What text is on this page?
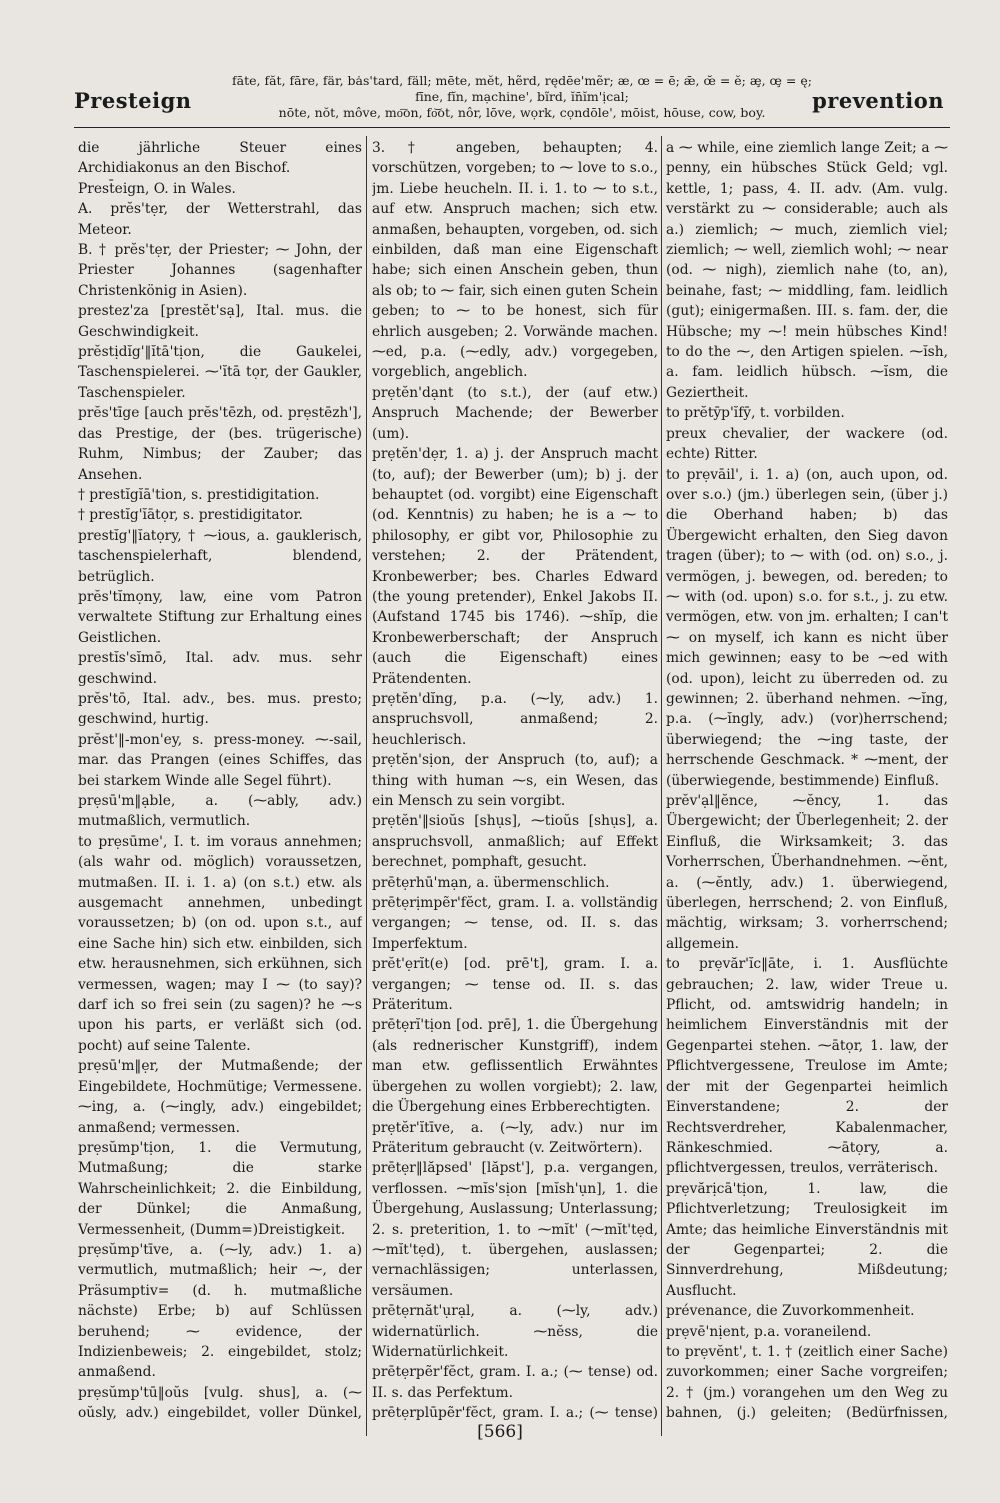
Presteign
fāte, făt, fāre, fär, bȧs'tard, fäll; mēte, mĕt, hẽrd, rędēe'mẽr; æ, œ = ē; ǣ, œ̆ = ĕ; æ̧, œ̧ = ę;
fīne, fĭn, mạchine', bĩrd, ĭn̄ĭm'ịcal;
nōte, nŏt, môve, mo͞on, fo͝ot, nôr, lōve, wọrk, cọndōle', mōist, hōuse, cow, boy.	prevention

die jährliche Steuer eines Archidiakonus an den Bischof.

Prest̄eign, O. in Wales.

A. prĕs'tẹr, der Wetterstrahl, das Meteor.

B. † prĕs'tẹr, der Priester; ⁓ John, der Priester Johannes (sagenhafter Christenkönig in Asien).

prestez'za [prestĕt'sạ], Ital. mus. die Geschwindigkeit.

prĕstịdĭg'‖ĭtā'tịon, die Gaukelei, Taschenspielerei. ⁓'ĭtā tọr, der Gaukler, Taschenspieler.

prĕs'tīge [auch prĕs'tēzh, od. prẹstēzh'], das Prestige, der (bes. trügerische) Ruhm, Nimbus; der Zauber; das Ansehen.

† prestĭgĭā'tion, s. prestidigitation.

† prestĭg'ĭātọr, s. prestidigitator.

prestĭg'‖ĭatọry, † ⁓ious, a. gauklerisch, taschenspielerhaft, blendend, betrüglich.

prĕs'tĭmọny, law, eine vom Patron verwaltete Stiftung zur Erhaltung eines Geistlichen.

prestĭs'sĭmō, Ital. adv. mus. sehr geschwind.

prĕs'tō, Ital. adv., bes. mus. presto; geschwind, hurtig.

prĕst'‖-mon'ey, s. press-money. ⁓-sail, mar. das Prangen (eines Schiffes, das bei starkem Winde alle Segel führt).

prẹsū'm‖ạble, a. (⁓ably, adv.) mutmaßlich, vermutlich.

to prẹsūme', I. t. im voraus annehmen; (als wahr od. möglich) voraussetzen, mutmaßen. II. i. 1. a) (on s.t.) etw. als ausgemacht annehmen, unbedingt voraussetzen; b) (on od. upon s.t., auf eine Sache hin) sich etw. einbilden, sich etw. herausnehmen, sich erkühnen, sich vermessen, wagen; may I ⁓ (to say)? darf ich so frei sein (zu sagen)? he ⁓s upon his parts, er verläßt sich (od. pocht) auf seine Talente.

prẹsū'm‖ẹr, der Mutmaßende; der Eingebildete, Hochmütige; Vermessene. ⁓ing, a. (⁓ingly, adv.) eingebildet; anmaßend; vermessen.

prẹsŭmp'tịon, 1. die Vermutung, Mutmaßung; die starke Wahrscheinlichkeit; 2. die Einbildung, der Dünkel; die Anmaßung, Vermessenheit, (Dumm=)Dreistigkeit.

prẹsŭmp'tīve, a. (⁓ly, adv.) 1. a) vermutlich, mutmaßlich; heir ⁓, der Präsumptiv= (d. h. mutmaßliche nächste) Erbe; b) auf Schlüssen beruhend; ⁓ evidence, der Indizienbeweis; 2. eingebildet, stolz; anmaßend.

prẹsŭmp'tū‖oŭs [vulg. shus], a. (⁓ oŭsly, adv.) eingebildet, voller Dünkel,

3. † angeben, behaupten; 4. vorschützen, vorgeben; to ⁓ love to s.o., jm. Liebe heucheln. II. i. 1. to ⁓ to s.t., auf etw. Anspruch machen; sich etw. anmaßen, behaupten, vorgeben, od. sich einbilden, daß man eine Eigenschaft habe; sich einen Anschein geben, thun als ob; to ⁓ fair, sich einen guten Schein geben; to ⁓ to be honest, sich für ehrlich ausgeben; 2. Vorwände machen. ⁓ed, p.a. (⁓edly, adv.) vorgegeben, vorgeblich, angeblich.

prẹtĕn'dạnt (to s.t.), der (auf etw.) Anspruch Machende; der Bewerber (um).

prẹtĕn'dẹr, 1. a) j. der Anspruch macht (to, auf); der Bewerber (um); b) j. der behauptet (od. vorgibt) eine Eigenschaft (od. Kenntnis) zu haben; he is a ⁓ to philosophy, er gibt vor, Philosophie zu verstehen; 2. der Prätendent, Kronbewerber; bes. Charles Edward (the young pretender), Enkel Jakobs II. (Aufstand 1745 bis 1746). ⁓shĭp, die Kronbewerberschaft; der Anspruch (auch die Eigenschaft) eines Prätendenten.

prẹtĕn'dĭng, p.a. (⁓ly, adv.) 1. anspruchsvoll, anmaßend; 2. heuchlerisch.

prẹtĕn'sịon, der Anspruch (to, auf); a thing with human ⁓s, ein Wesen, das ein Mensch zu sein vorgibt.

prẹtĕn'‖sioŭs [shụs], ⁓tioŭs [shụs], a. anspruchsvoll, anmaßlich; auf Effekt berechnet, pomphaft, gesucht.

prētẹrhū'mạn, a. übermenschlich.

prētẹrịmpẽr'fĕct, gram. I. a. vollständig vergangen; ⁓ tense, od. II. s. das Imperfektum.

prĕt'ẹrĭt(e) [od. prē't], gram. I. a. vergangen; ⁓ tense od. II. s. das Präteritum.

prētẹrĭ'tịon [od. prē], 1. die Übergehung (als rednerischer Kunstgriff), indem man etw. geflissentlich Erwähntes übergehen zu wollen vorgiebt); 2. law, die Übergehung eines Erbberechtigten.

prẹtĕr'ĭtīve, a. (⁓ly, adv.) nur im Präteritum gebraucht (v. Zeitwörtern).

prētẹr‖lăpsed' [lăpst'], p.a. vergangen, verflossen. ⁓mĭs'sịon [mĭsh'ụn], 1. die Übergehung, Auslassung; Unterlassung; 2. s. preterition, 1. to ⁓mĭt' (⁓mĭt'tẹd, ⁓mĭt'tẹd), t. übergehen, auslassen; vernachlässigen; unterlassen, versäumen.

prētẹrnăt'ụrạl, a. (⁓ly, adv.) widernatürlich. ⁓nĕss, die Widernatürlichkeit.

prētẹrpẽr'fĕct, gram. I. a.; (⁓ tense) od. II. s. das Perfektum.

prētẹrplūpẽr'fĕct, gram. I. a.; (⁓ tense)

a ⁓ while, eine ziemlich lange Zeit; a ⁓ penny, ein hübsches Stück Geld; vgl. kettle, 1; pass, 4. II. adv. (Am. vulg. verstärkt zu ⁓ considerable; auch als a.) ziemlich; ⁓ much, ziemlich viel; ziemlich; ⁓ well, ziemlich wohl; ⁓ near (od. ⁓ nigh), ziemlich nahe (to, an), beinahe, fast; ⁓ middling, fam. leidlich (gut); einigermaßen. III. s. fam. der, die Hübsche; my ⁓! mein hübsches Kind! to do the ⁓, den Artigen spielen. ⁓ĭsh, a. fam. leidlich hübsch. ⁓ĭsm, die Geziertheit.

to prĕtȳp'ĭfȳ, t. vorbilden.

preux chevalier, der wackere (od. echte) Ritter.

to prẹvāil', i. 1. a) (on, auch upon, od. over s.o.) (jm.) überlegen sein, (über j.) die Oberhand haben; b) das Übergewicht erhalten, den Sieg davon tragen (über); to ⁓ with (od. on) s.o., j. vermögen, j. bewegen, od. bereden; to ⁓ with (od. upon) s.o. for s.t., j. zu etw. vermögen, etw. von jm. erhalten; I can't ⁓ on myself, ich kann es nicht über mich gewinnen; easy to be ⁓ed with (od. upon), leicht zu überreden od. zu gewinnen; 2. überhand nehmen. ⁓ĭng, p.a. (⁓ĭngly, adv.) (vor)herrschend; überwiegend; the ⁓ing taste, der herrschende Geschmack. * ⁓ment, der (überwiegende, bestimmende) Einfluß.

prĕv'ạl‖ĕnce, ⁓ĕncy, 1. das Übergewicht; der Überlegenheit; 2. der Einfluß, die Wirksamkeit; 3. das Vorherrschen, Überhandnehmen. ⁓ĕnt, a. (⁓ĕntly, adv.) 1. überwiegend, überlegen, herrschend; 2. von Einfluß, mächtig, wirksam; 3. vorherrschend; allgemein.

to prẹvăr'ĭc‖āte, i. 1. Ausflüchte gebrauchen; 2. law, wider Treue u. Pflicht, od. amtswidrig handeln; in heimlichem Einverständnis mit der Gegenpartei stehen. ⁓ātọr, 1. law, der Pflichtvergessene, Treulose im Amte; der mit der Gegenpartei heimlich Einverstandene; 2. der Rechtsverdreher, Kabalenmacher, Ränkeschmied. ⁓ātọry, a. pflichtvergessen, treulos, verräterisch.

prẹvărịcā'tịon, 1. law, die Pflichtverletzung; Treulosigkeit im Amte; das heimliche Einverständnis mit der Gegenpartei; 2. die Sinnverdrehung, Mißdeutung; Ausflucht.

prévenance, die Zuvorkommenheit.

prẹvē'nịent, p.a. voraneilend.

to prẹvĕnt', t. 1. † (zeitlich einer Sache) zuvorkommen; einer Sache vorgreifen; 2. † (jm.) vorangehen um den Weg zu bahnen, (j.) geleiten; (Bedürfnissen,

[566]
